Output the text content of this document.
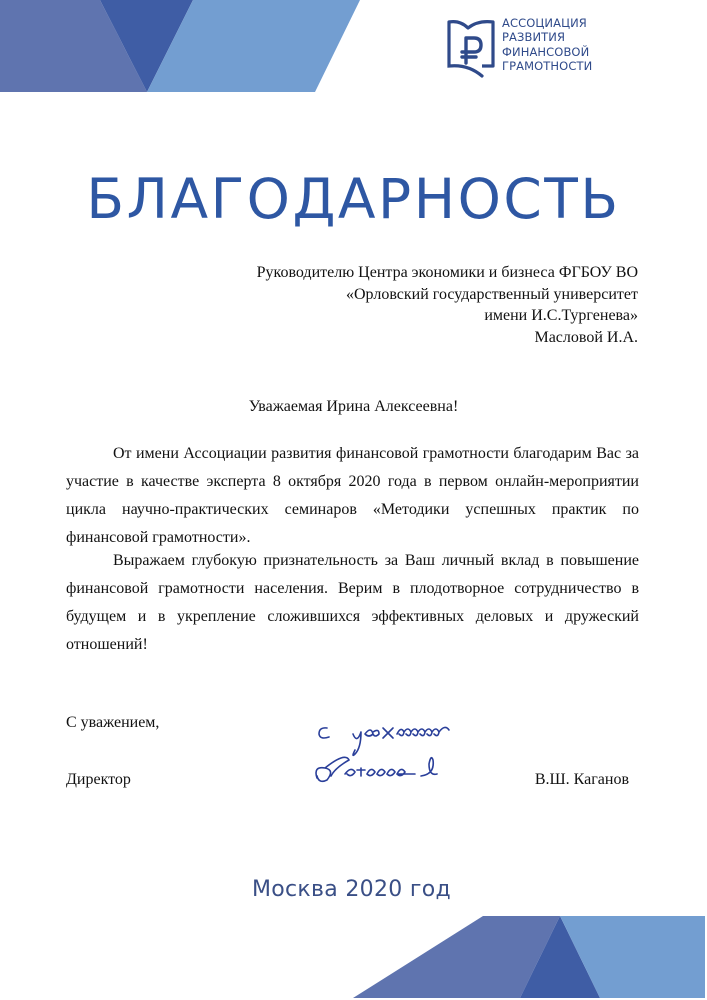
АССОЦИАЦИЯ
РАЗВИТИЯ
ФИНАНСОВОЙ
ГРАМОТНОСТИ
БЛАГОДАРНОСТЬ
Руководителю Центра экономики и бизнеса ФГБОУ ВО
«Орловский государственный университет
имени И.С.Тургенева»
Масловой И.А.
Уважаемая Ирина Алексеевна!
От имени Ассоциации развития финансовой грамотности благодарим Вас за участие в качестве эксперта 8 октября 2020 года в первом онлайн-мероприятии цикла научно-практических семинаров «Методики успешных практик по финансовой грамотности».
Выражаем глубокую признательность за Ваш личный вклад в повышение финансовой грамотности населения. Верим в плодотворное сотрудничество в будущем и в укрепление сложившихся эффективных деловых и дружеский отношений!
С уважением,
Директор	В.Ш. Каганов
Москва 2020 год
